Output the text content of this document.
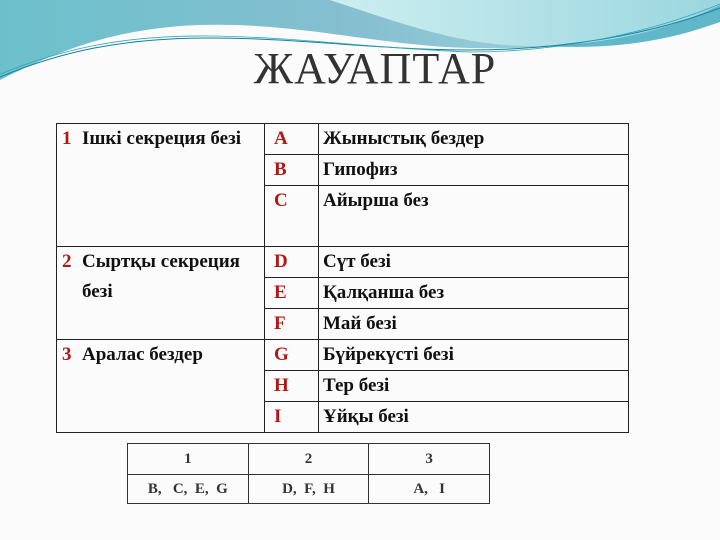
ЖАУАПТАР
1	Ішкі секреция безі	A	Жыныстық бездер
		B	Гипофиз
		C	Айырша без

2	Сыртқы секреция безі	D	Сүт безі
		E	Қалқанша без
		F	Май безі
3	Аралас бездер	G	Бүйрекүсті безі
		H	Тер безі
		I	Ұйқы безі
1	2	3
B,   C,  E,  G	D,  F,  H	A,   I
